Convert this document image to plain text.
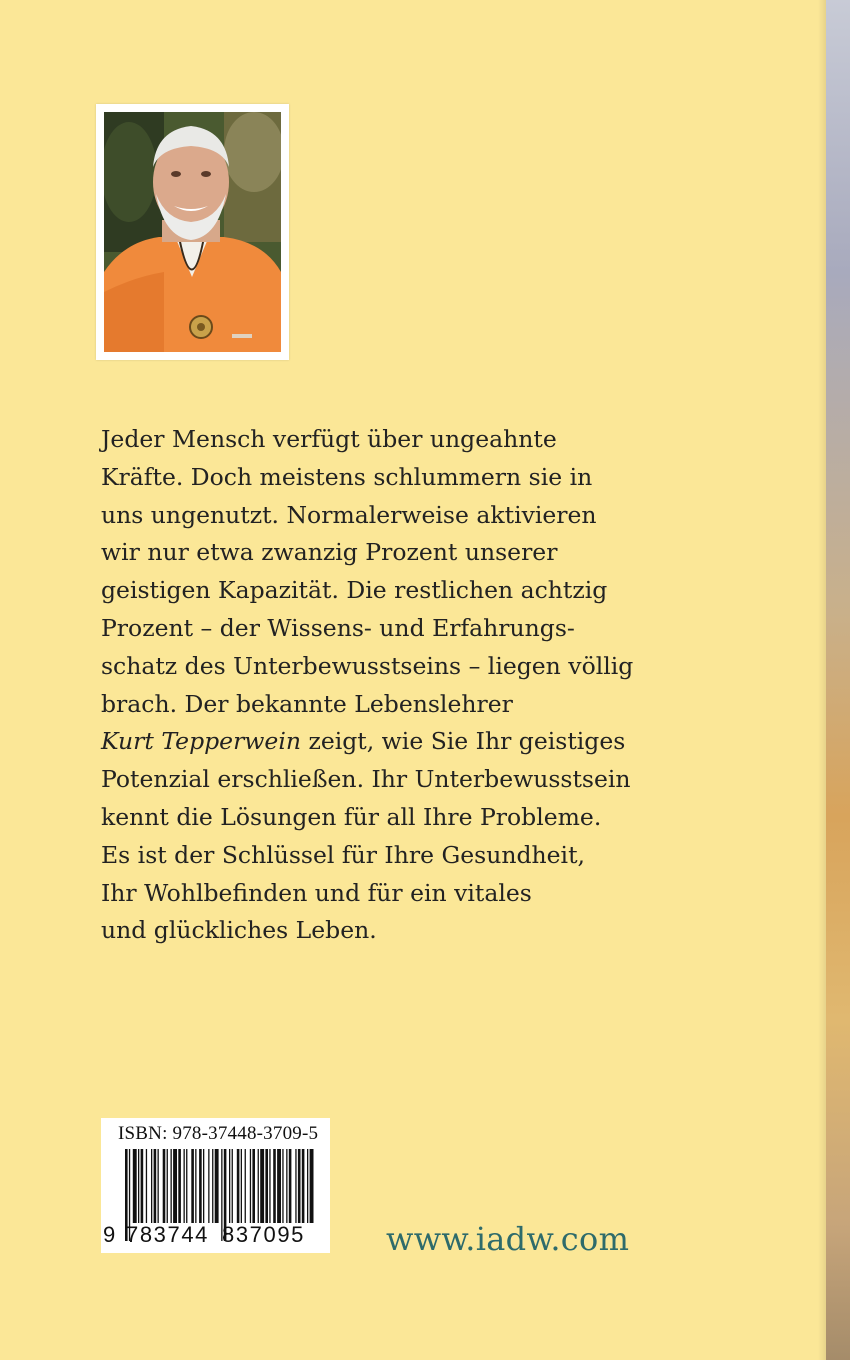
Jeder Mensch verfügt über ungeahnte
Kräfte. Doch meistens schlummern sie in
uns ungenutzt. Normalerweise aktivieren
wir nur etwa zwanzig Prozent unserer
geistigen Kapazität. Die restlichen achtzig
Prozent – der Wissens- und Erfahrungs-
schatz des Unterbewusstseins – liegen völlig
brach. Der bekannte Lebenslehrer
Kurt Tepperwein zeigt, wie Sie Ihr geistiges
Potenzial erschließen. Ihr Unterbewusstsein
kennt die Lösungen für all Ihre Probleme.
Es ist der Schlüssel für Ihre Gesundheit,
Ihr Wohlbefinden und für ein vitales
und glückliches Leben.
ISBN: 978-37448-3709-5
9 783744 837095	www.iadw.com
